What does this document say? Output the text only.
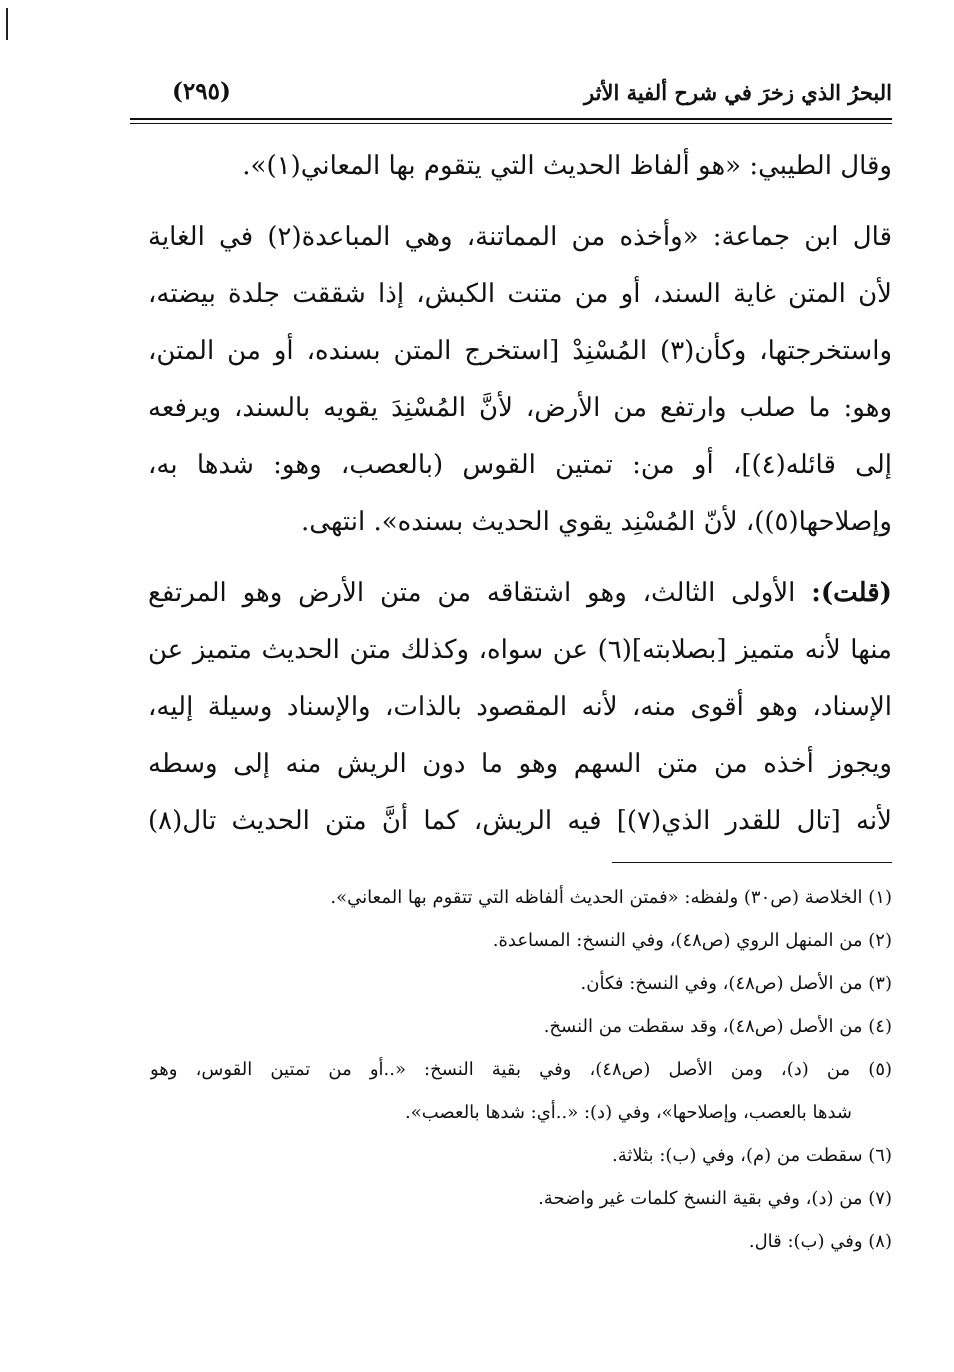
البحرُ الذي زخرَ في شرح ألفية الأثر
(٢٩٥)
وقال الطيبي: «هو ألفاظ الحديث التي يتقوم بها المعاني(١)».
قال ابن جماعة: «وأخذه من المماتنة، وهي المباعدة(٢) في الغاية
لأن المتن غاية السند، أو من متنت الكبش، إذا شققت جلدة بيضته،
واستخرجتها، وكأن(٣) المُسْنِدْ [استخرج المتن بسنده، أو من المتن،
وهو: ما صلب وارتفع من الأرض، لأنَّ المُسْنِدَ يقويه بالسند، ويرفعه
إلى قائله(٤)]، أو من: تمتين القوس (بالعصب، وهو: شدها به،
وإصلاحها(٥))، لأنّ المُسْنِد يقوي الحديث بسنده». انتهى.
(قلت): الأولى الثالث، وهو اشتقاقه من متن الأرض وهو المرتفع
منها لأنه متميز [بصلابته](٦) عن سواه، وكذلك متن الحديث متميز عن
الإسناد، وهو أقوى منه، لأنه المقصود بالذات، والإسناد وسيلة إليه،
ويجوز أخذه من متن السهم وهو ما دون الريش منه إلى وسطه
لأنه [تال للقدر الذي(٧)] فيه الريش، كما أنَّ متن الحديث تال(٨)
(١) الخلاصة (ص٣٠) ولفظه: «فمتن الحديث ألفاظه التي تتقوم بها المعاني».
(٢) من المنهل الروي (ص٤٨)، وفي النسخ: المساعدة.
(٣) من الأصل (ص٤٨)، وفي النسخ: فكأن.
(٤) من الأصل (ص٤٨)، وقد سقطت من النسخ.
(٥) من (د)، ومن الأصل (ص٤٨)، وفي بقية النسخ: «..أو من تمتين القوس، وهو
شدها بالعصب، وإصلاحها»، وفي (د): «..أي: شدها بالعصب».
(٦) سقطت من (م)، وفي (ب): بثلاثة.
(٧) من (د)، وفي بقية النسخ كلمات غير واضحة.
(٨) وفي (ب): قال.
